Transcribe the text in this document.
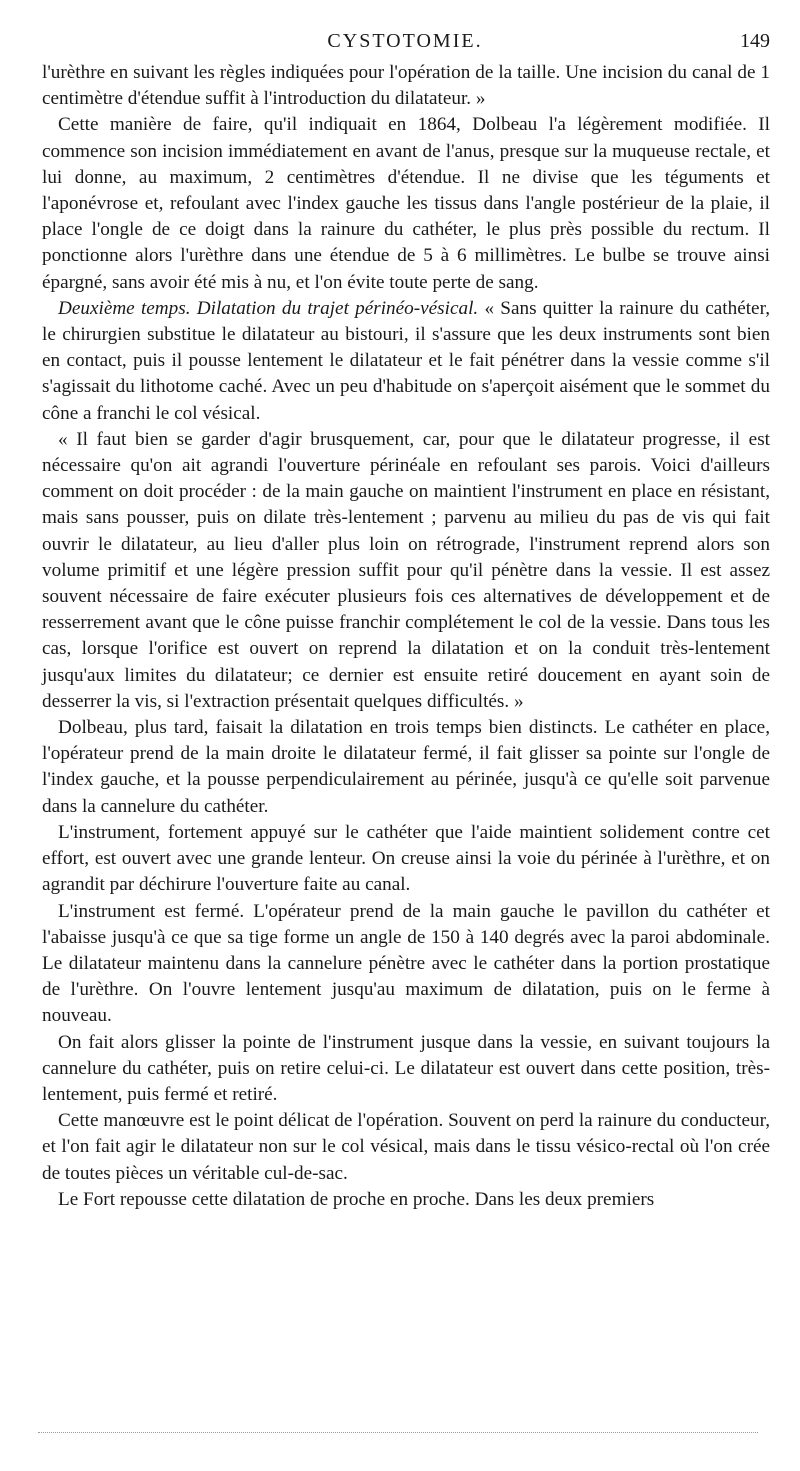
CYSTOTOMIE.	149

l'urèthre en suivant les règles indiquées pour l'opération de la taille. Une incision du canal de 1 centimètre d'étendue suffit à l'introduction du dilatateur. »

Cette manière de faire, qu'il indiquait en 1864, Dolbeau l'a légèrement modifiée. Il commence son incision immédiatement en avant de l'anus, presque sur la muqueuse rectale, et lui donne, au maximum, 2 centimètres d'étendue. Il ne divise que les téguments et l'aponévrose et, refoulant avec l'index gauche les tissus dans l'angle postérieur de la plaie, il place l'ongle de ce doigt dans la rainure du cathéter, le plus près possible du rectum. Il ponctionne alors l'urèthre dans une étendue de 5 à 6 millimètres. Le bulbe se trouve ainsi épargné, sans avoir été mis à nu, et l'on évite toute perte de sang.

Deuxième temps. Dilatation du trajet périnéo-vésical. « Sans quitter la rainure du cathéter, le chirurgien substitue le dilatateur au bistouri, il s'assure que les deux instruments sont bien en contact, puis il pousse lentement le dilatateur et le fait pénétrer dans la vessie comme s'il s'agissait du lithotome caché. Avec un peu d'habitude on s'aperçoit aisément que le sommet du cône a franchi le col vésical.

« Il faut bien se garder d'agir brusquement, car, pour que le dilatateur progresse, il est nécessaire qu'on ait agrandi l'ouverture périnéale en refoulant ses parois. Voici d'ailleurs comment on doit procéder : de la main gauche on maintient l'instrument en place en résistant, mais sans pousser, puis on dilate très-lentement ; parvenu au milieu du pas de vis qui fait ouvrir le dilatateur, au lieu d'aller plus loin on rétrograde, l'instrument reprend alors son volume primitif et une légère pression suffit pour qu'il pénètre dans la vessie. Il est assez souvent nécessaire de faire exécuter plusieurs fois ces alternatives de développement et de resserrement avant que le cône puisse franchir complétement le col de la vessie. Dans tous les cas, lorsque l'orifice est ouvert on reprend la dilatation et on la conduit très-lentement jusqu'aux limites du dilatateur; ce dernier est ensuite retiré doucement en ayant soin de desserrer la vis, si l'extraction présentait quelques difficultés. »

Dolbeau, plus tard, faisait la dilatation en trois temps bien distincts. Le cathéter en place, l'opérateur prend de la main droite le dilatateur fermé, il fait glisser sa pointe sur l'ongle de l'index gauche, et la pousse perpendiculairement au périnée, jusqu'à ce qu'elle soit parvenue dans la cannelure du cathéter.

L'instrument, fortement appuyé sur le cathéter que l'aide maintient solidement contre cet effort, est ouvert avec une grande lenteur. On creuse ainsi la voie du périnée à l'urèthre, et on agrandit par déchirure l'ouverture faite au canal.

L'instrument est fermé. L'opérateur prend de la main gauche le pavillon du cathéter et l'abaisse jusqu'à ce que sa tige forme un angle de 150 à 140 degrés avec la paroi abdominale. Le dilatateur maintenu dans la cannelure pénètre avec le cathéter dans la portion prostatique de l'urèthre. On l'ouvre lentement jusqu'au maximum de dilatation, puis on le ferme à nouveau.

On fait alors glisser la pointe de l'instrument jusque dans la vessie, en suivant toujours la cannelure du cathéter, puis on retire celui-ci. Le dilatateur est ouvert dans cette position, très-lentement, puis fermé et retiré.

Cette manœuvre est le point délicat de l'opération. Souvent on perd la rainure du conducteur, et l'on fait agir le dilatateur non sur le col vésical, mais dans le tissu vésico-rectal où l'on crée de toutes pièces un véritable cul-de-sac.

Le Fort repousse cette dilatation de proche en proche. Dans les deux premiers
